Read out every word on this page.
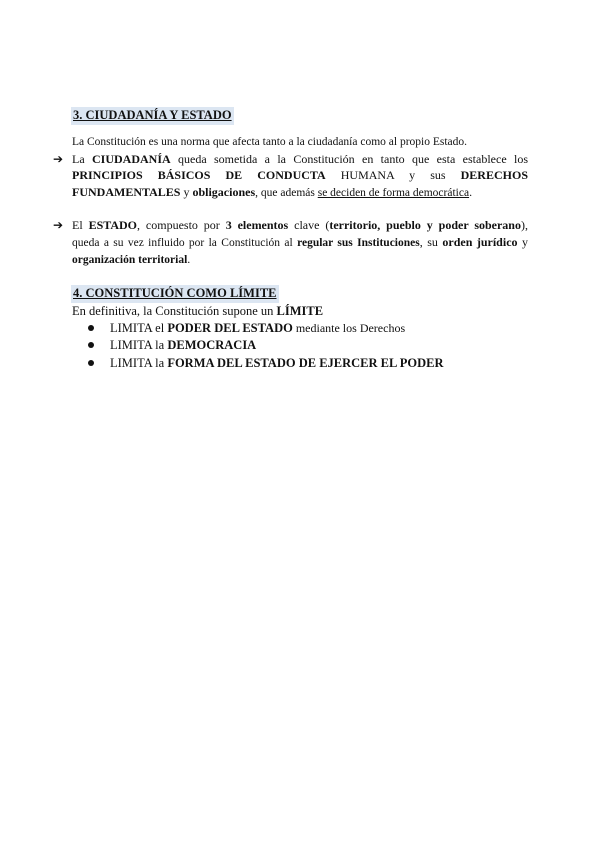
3. CIUDADANÍA Y ESTADO
La Constitución es una norma que afecta tanto a la ciudadanía como al propio Estado.
➔ La CIUDADANÍA queda sometida a la Constitución en tanto que esta establece los
PRINCIPIOS BÁSICOS DE CONDUCTA HUMANA y sus DERECHOS
FUNDAMENTALES y obligaciones, que además se deciden de forma democrática.
➔ El ESTADO, compuesto por 3 elementos clave (territorio, pueblo y poder soberano),
queda a su vez influido por la Constitución al regular sus Instituciones, su orden jurídico y
organización territorial.
4. CONSTITUCIÓN COMO LÍMITE
En definitiva, la Constitución supone un LÍMITE
LIMITA el PODER DEL ESTADO mediante los Derechos
LIMITA la DEMOCRACIA
LIMITA la FORMA DEL ESTADO DE EJERCER EL PODER
